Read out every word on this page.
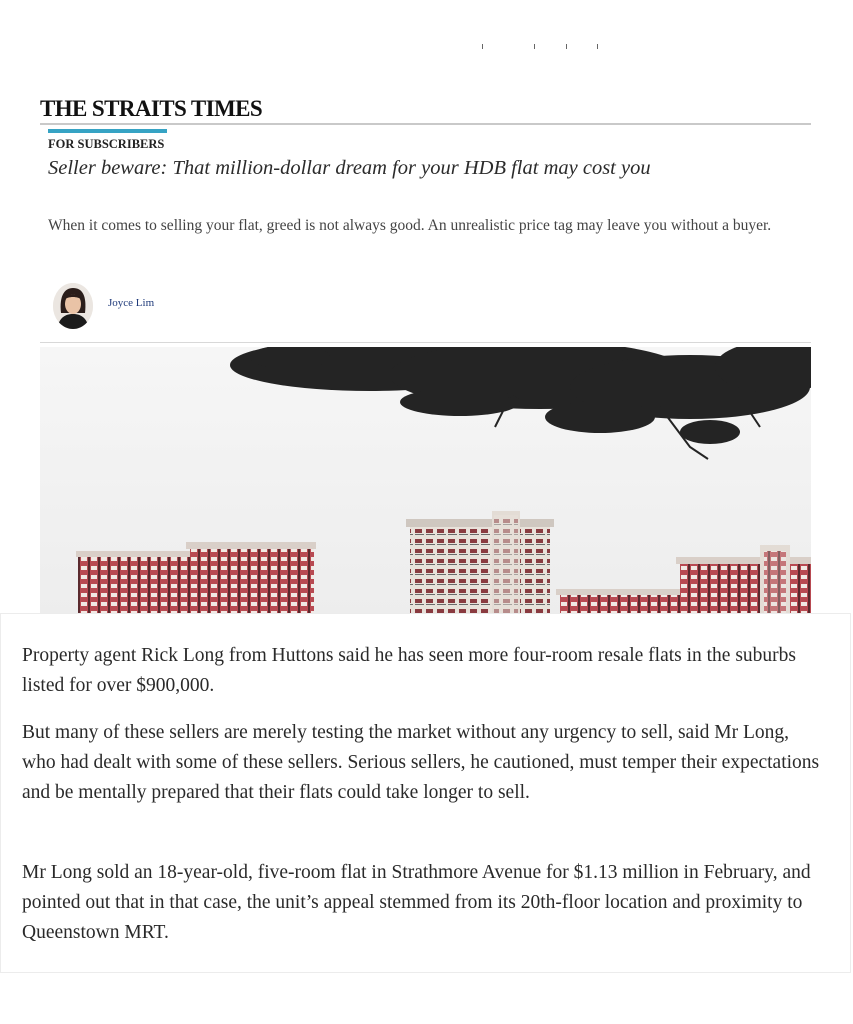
THE STRAITS TIMES
FOR SUBSCRIBERS
Seller beware: That million-dollar dream for your HDB flat may cost you
When it comes to selling your flat, greed is not always good. An unrealistic price tag may leave you without a buyer.
Joyce Lim

Property agent Rick Long from Huttons said he has seen more four-room resale flats in the suburbs listed for over $900,000.

But many of these sellers are merely testing the market without any urgency to sell, said Mr Long, who had dealt with some of these sellers. Serious sellers, he cautioned, must temper their expectations and be mentally prepared that their flats could take longer to sell.

Mr Long sold an 18-year-old, five-room flat in Strathmore Avenue for $1.13 million in February, and pointed out that in that case, the unit’s appeal stemmed from its 20th-floor location and proximity to Queenstown MRT.
